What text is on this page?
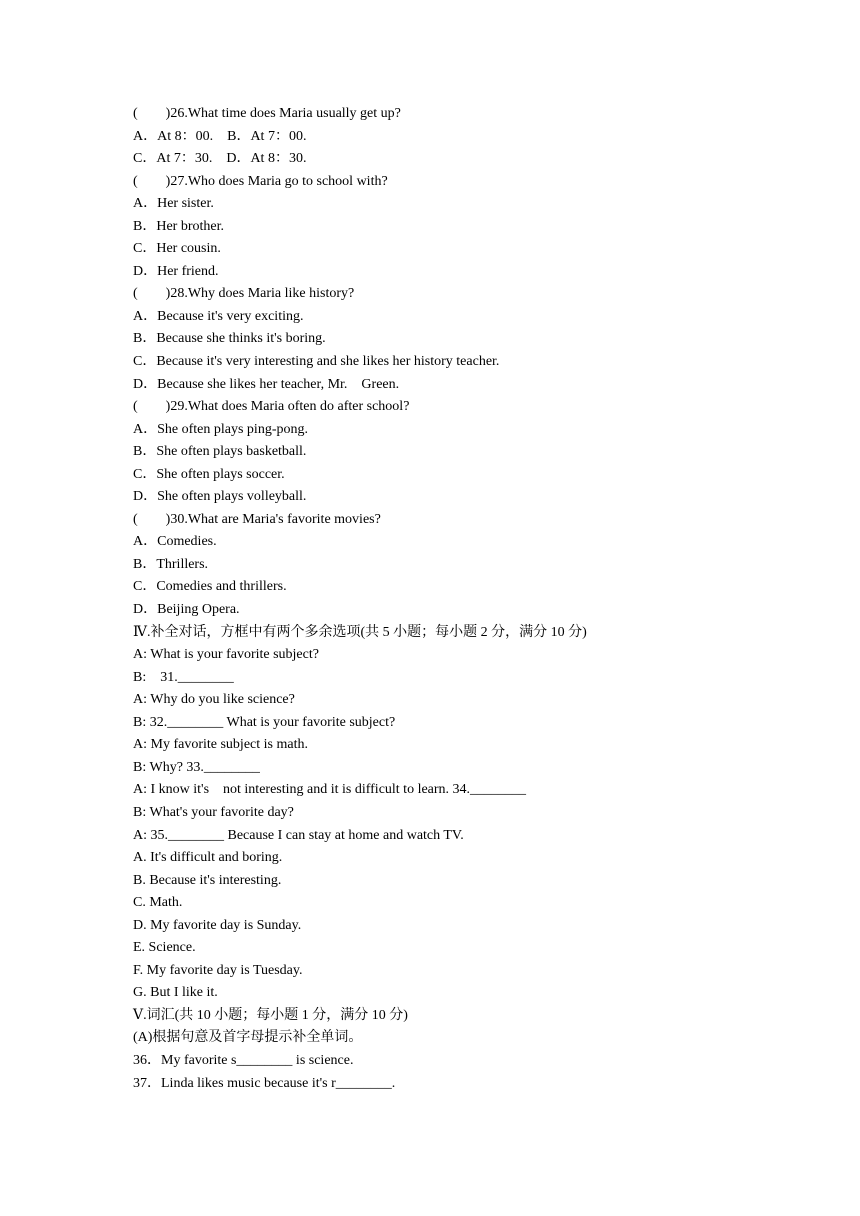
(        )26.What time does Maria usually get up?
A．At 8：00.    B．At 7：00.
C．At 7：30.    D．At 8：30.
(        )27.Who does Maria go to school with?
A．Her sister.
B．Her brother.
C．Her cousin.
D．Her friend.
(        )28.Why does Maria like history?
A．Because it's very exciting.
B．Because she thinks it's boring.
C．Because it's very interesting and she likes her history teacher.
D．Because she likes her teacher, Mr.    Green.
(        )29.What does Maria often do after school?
A．She often plays ping-pong.
B．She often plays basketball.
C．She often plays soccer.
D．She often plays volleyball.
(        )30.What are Maria's favorite movies?
A．Comedies.
B．Thrillers.
C．Comedies and thrillers.
D．Beijing Opera.
Ⅳ.补全对话，方框中有两个多余选项(共 5 小题；每小题 2 分，满分 10 分)
A: What is your favorite subject?
B:    31.________
A: Why do you like science?
B: 32.________ What is your favorite subject?
A: My favorite subject is math.
B: Why? 33.________
A: I know it's    not interesting and it is difficult to learn. 34.________
B: What's your favorite day?
A: 35.________ Because I can stay at home and watch TV.
A. It's difficult and boring.
B. Because it's interesting.
C. Math.
D. My favorite day is Sunday.
E. Science.
F. My favorite day is Tuesday.
G. But I like it.
Ⅴ.词汇(共 10 小题；每小题 1 分，满分 10 分)
(A)根据句意及首字母提示补全单词。
36．My favorite s________ is science.
37．Linda likes music because it's r________.
